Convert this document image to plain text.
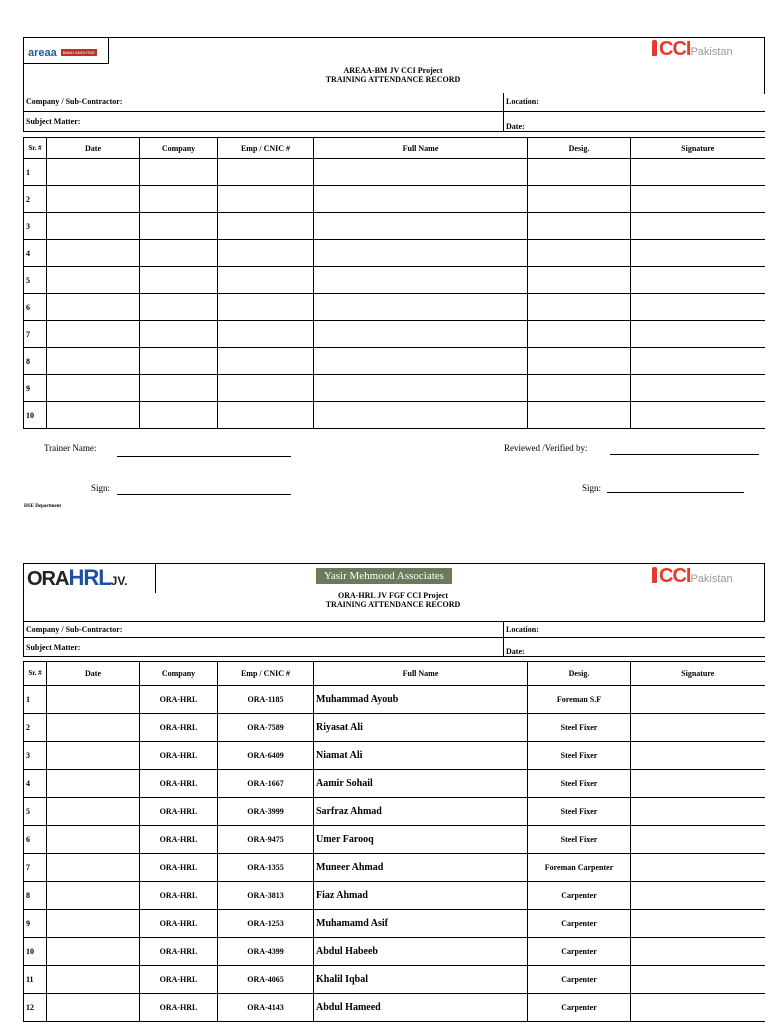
areaa BANIJ MUKHTAR	CCIPakistan
AREAA-BM JV CCI Project
TRAINING ATTENDANCE RECORD
Company / Sub-Contractor:	Location:
Subject Matter:	Date:
Sr. #	Date	Company	Emp / CNIC #	Full Name	Desig.	Signature
1						
2						
3						
4						
5						
6						
7						
8						
9						
10						
Trainer Name:	Reviewed /Verified by:
Sign:	Sign:
HSE Department
ORAHRLJV.	Yasir Mehmood Associates	CCIPakistan
ORA-HRL JV FGF CCI Project
TRAINING ATTENDANCE RECORD
Company / Sub-Contractor:	Location:
Subject Matter:	Date:
Sr. #	Date	Company	Emp / CNIC #	Full Name	Desig.	Signature
1		ORA-HRL	ORA-1185	Muhammad Ayoub	Foreman S.F	
2		ORA-HRL	ORA-7589	Riyasat Ali	Steel Fixer	
3		ORA-HRL	ORA-6409	Niamat Ali	Steel Fixer	
4		ORA-HRL	ORA-1667	Aamir Sohail	Steel Fixer	
5		ORA-HRL	ORA-3999	Sarfraz Ahmad	Steel Fixer	
6		ORA-HRL	ORA-9475	Umer Farooq	Steel Fixer	
7		ORA-HRL	ORA-1355	Muneer Ahmad	Foreman Carpenter	
8		ORA-HRL	ORA-3813	Fiaz Ahmad	Carpenter	
9		ORA-HRL	ORA-1253	Muhamamd Asif	Carpenter	
10		ORA-HRL	ORA-4399	Abdul Habeeb	Carpenter	
11		ORA-HRL	ORA-4065	Khalil Iqbal	Carpenter	
12		ORA-HRL	ORA-4143	Abdul Hameed	Carpenter	
